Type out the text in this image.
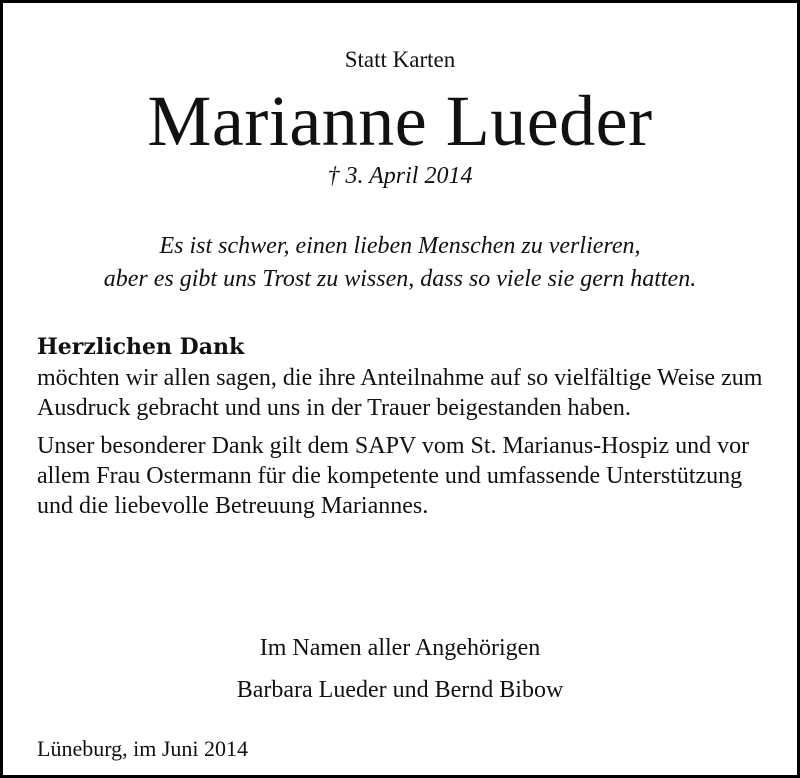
Statt Karten
Marianne Lueder
† 3. April 2014
Es ist schwer, einen lieben Menschen zu verlieren,
aber es gibt uns Trost zu wissen, dass so viele sie gern hatten.

Herzlichen Dank

möchten wir allen sagen, die ihre Anteilnahme auf so vielfältige Weise zum Ausdruck gebracht und uns in der Trauer beigestanden haben.

Unser besonderer Dank gilt dem SAPV vom St. Marianus-Hospiz und vor allem Frau Ostermann für die kompetente und umfassende Unterstützung und die liebevolle Betreuung Mariannes.

Im Namen aller Angehörigen
Barbara Lueder und Bernd Bibow
Lüneburg, im Juni 2014
